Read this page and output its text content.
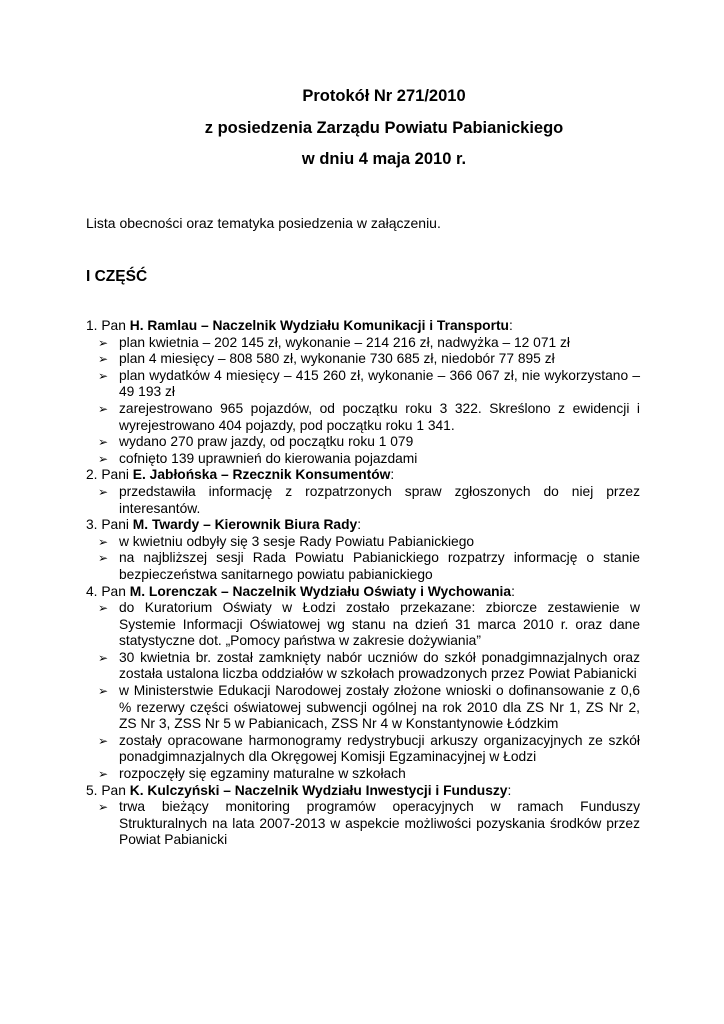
Protokół Nr 271/2010
z posiedzenia Zarządu Powiatu Pabianickiego
w dniu 4 maja 2010 r.
Lista obecności oraz tematyka posiedzenia w załączeniu.
I CZĘŚĆ
1. Pan H. Ramlau – Naczelnik Wydziału Komunikacji i Transportu:
➢ plan kwietnia – 202 145 zł, wykonanie – 214 216 zł, nadwyżka – 12 071 zł
➢ plan 4 miesięcy – 808 580 zł, wykonanie 730 685 zł, niedobór 77 895 zł
➢ plan wydatków 4 miesięcy – 415 260 zł, wykonanie – 366 067 zł, nie wykorzystano – 49 193 zł
➢ zarejestrowano 965 pojazdów, od początku roku 3 322. Skreślono z ewidencji i wyrejestrowano 404 pojazdy, pod początku roku 1 341.
➢ wydano 270 praw jazdy, od początku roku 1 079
➢ cofnięto 139 uprawnień do kierowania pojazdami
2. Pani E. Jabłońska – Rzecznik Konsumentów:
➢ przedstawiła informację z rozpatrzonych spraw zgłoszonych do niej przez interesantów.
3. Pani M. Twardy – Kierownik Biura Rady:
➢ w kwietniu odbyły się 3 sesje Rady Powiatu Pabianickiego
➢ na najbliższej sesji Rada Powiatu Pabianickiego rozpatrzy informację o stanie bezpieczeństwa sanitarnego powiatu pabianickiego
4. Pan M. Lorenczak – Naczelnik Wydziału Oświaty i Wychowania:
➢ do Kuratorium Oświaty w Łodzi zostało przekazane: zbiorcze zestawienie w Systemie Informacji Oświatowej wg stanu na dzień 31 marca 2010 r. oraz dane statystyczne dot. „Pomocy państwa w zakresie dożywiania”
➢ 30 kwietnia br. został zamknięty nabór uczniów do szkół ponadgimnazjalnych oraz została ustalona liczba oddziałów w szkołach prowadzonych przez Powiat Pabianicki
➢ w Ministerstwie Edukacji Narodowej zostały złożone wnioski o dofinansowanie z 0,6 % rezerwy części oświatowej subwencji ogólnej na rok 2010 dla ZS Nr 1, ZS Nr 2, ZS Nr 3, ZSS Nr 5 w Pabianicach, ZSS Nr 4 w Konstantynowie Łódzkim
➢ zostały opracowane harmonogramy redystrybucji arkuszy organizacyjnych ze szkół ponadgimnazjalnych dla Okręgowej Komisji Egzaminacyjnej w Łodzi
➢ rozpoczęły się egzaminy maturalne w szkołach
5. Pan K. Kulczyński – Naczelnik Wydziału Inwestycji i Funduszy:
➢ trwa bieżący monitoring programów operacyjnych w ramach Funduszy Strukturalnych na lata 2007-2013 w aspekcie możliwości pozyskania środków przez Powiat Pabianicki
